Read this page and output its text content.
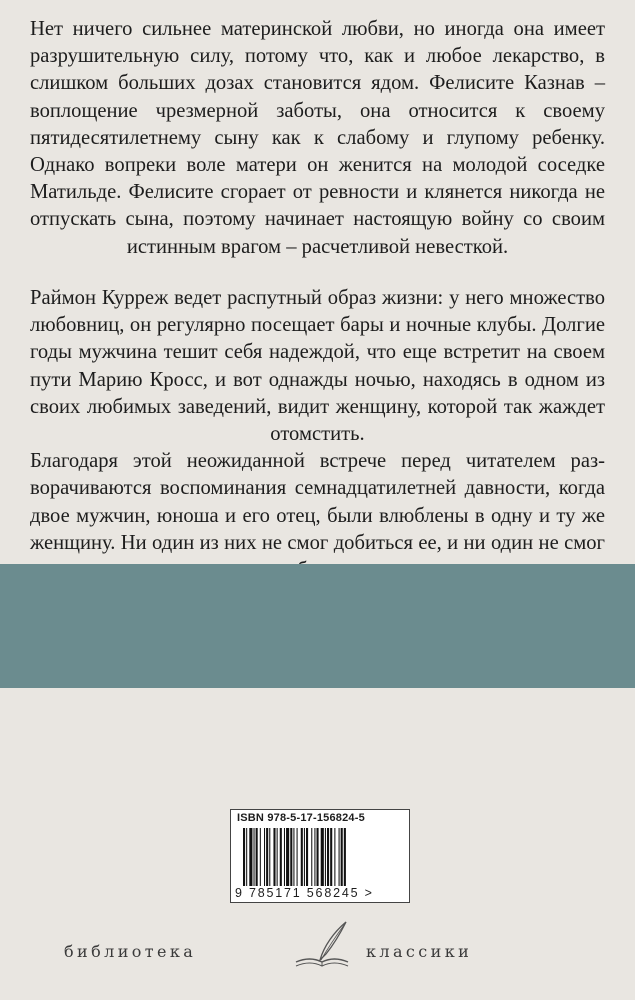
Нет ничего сильнее материнской любви, но иногда она имеет разрушительную силу, потому что, как и любое лекарство, в слишком больших дозах становится ядом. Фелисите Казнав – воплощение чрезмерной заботы, она относится к своему пятидесятилетнему сыну как к слабому и глупому ребенку. Однако вопреки воле матери он женится на молодой соседке Матильде. Фелисите сгорает от ревности и клянется никогда не отпускать сына, поэтому начинает настоящую войну со своим истинным врагом – расчетливой невесткой.
Раймон Курреж ведет распутный образ жизни: у него множество любовниц, он регулярно посещает бары и ночные клубы. Долгие годы мужчина тешит себя надеждой, что еще встретит на своем пути Марию Кросс, и вот однажды ночью, находясь в одном из своих любимых заведений, видит женщину, которой так жаждет отомстить.
Благодаря этой неожиданной встрече перед читателем разворачиваются воспоминания семнадцатилетней давности, когда двое мужчин, юноша и его отец, были влюблены в одну и ту же женщину. Ни один из них не смог добиться ее, и ни один не смог
ISBN 978-5-17-156824-5
9 785171 568245 >
библиотека	классики
